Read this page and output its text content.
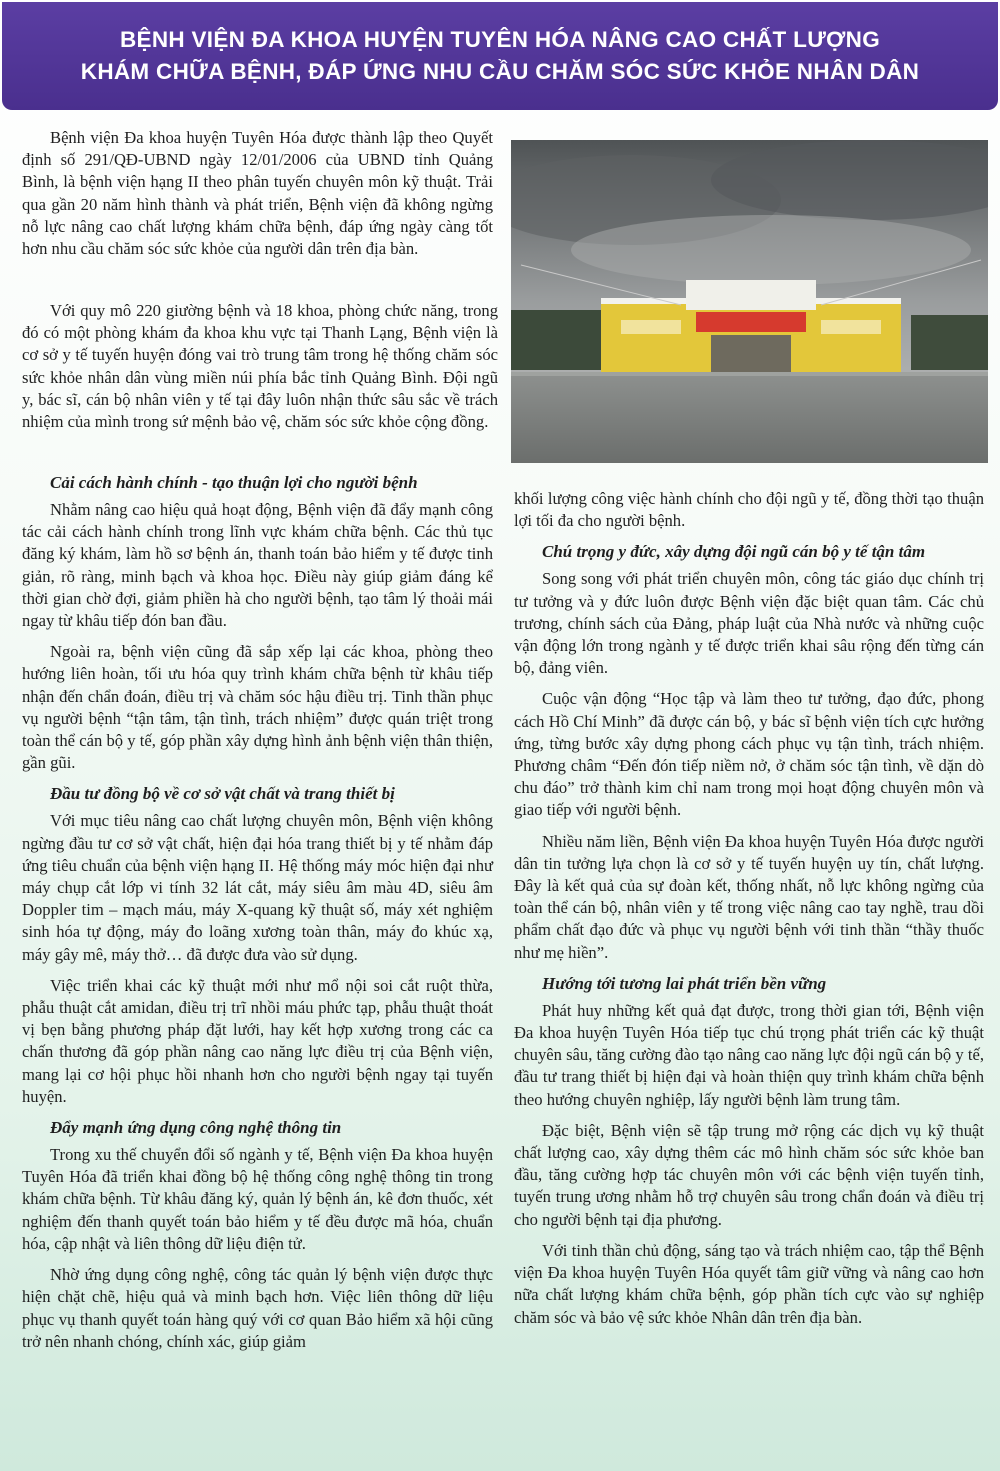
BỆNH VIỆN ĐA KHOA HUYỆN TUYÊN HÓA NÂNG CAO CHẤT LƯỢNG
KHÁM CHỮA BỆNH, ĐÁP ỨNG NHU CẦU CHĂM SÓC SỨC KHỎE NHÂN DÂN

Bệnh viện Đa khoa huyện Tuyên Hóa được thành lập theo Quyết định số 291/QĐ-UBND ngày 12/01/2006 của UBND tỉnh Quảng Bình, là bệnh viện hạng II theo phân tuyến chuyên môn kỹ thuật. Trải qua gần 20 năm hình thành và phát triển, Bệnh viện đã không ngừng nỗ lực nâng cao chất lượng khám chữa bệnh, đáp ứng ngày càng tốt hơn nhu cầu chăm sóc sức khỏe của người dân trên địa bàn.

Với quy mô 220 giường bệnh và 18 khoa, phòng chức năng, trong đó có một phòng khám đa khoa khu vực tại Thanh Lạng, Bệnh viện là cơ sở y tế tuyến huyện đóng vai trò trung tâm trong hệ thống chăm sóc sức khỏe nhân dân vùng miền núi phía bắc tỉnh Quảng Bình. Đội ngũ y, bác sĩ, cán bộ nhân viên y tế tại đây luôn nhận thức sâu sắc về trách nhiệm của mình trong sứ mệnh bảo vệ, chăm sóc sức khỏe cộng đồng.

Cải cách hành chính - tạo thuận lợi cho người bệnh

Nhằm nâng cao hiệu quả hoạt động, Bệnh viện đã đẩy mạnh công tác cải cách hành chính trong lĩnh vực khám chữa bệnh. Các thủ tục đăng ký khám, làm hồ sơ bệnh án, thanh toán bảo hiểm y tế được tinh giản, rõ ràng, minh bạch và khoa học. Điều này giúp giảm đáng kể thời gian chờ đợi, giảm phiền hà cho người bệnh, tạo tâm lý thoải mái ngay từ khâu tiếp đón ban đầu.

Ngoài ra, bệnh viện cũng đã sắp xếp lại các khoa, phòng theo hướng liên hoàn, tối ưu hóa quy trình khám chữa bệnh từ khâu tiếp nhận đến chẩn đoán, điều trị và chăm sóc hậu điều trị. Tinh thần phục vụ người bệnh “tận tâm, tận tình, trách nhiệm” được quán triệt trong toàn thể cán bộ y tế, góp phần xây dựng hình ảnh bệnh viện thân thiện, gần gũi.

Đầu tư đồng bộ về cơ sở vật chất và trang thiết bị

Với mục tiêu nâng cao chất lượng chuyên môn, Bệnh viện không ngừng đầu tư cơ sở vật chất, hiện đại hóa trang thiết bị y tế nhằm đáp ứng tiêu chuẩn của bệnh viện hạng II. Hệ thống máy móc hiện đại như máy chụp cắt lớp vi tính 32 lát cắt, máy siêu âm màu 4D, siêu âm Doppler tim – mạch máu, máy X-quang kỹ thuật số, máy xét nghiệm sinh hóa tự động, máy đo loãng xương toàn thân, máy đo khúc xạ, máy gây mê, máy thở… đã được đưa vào sử dụng.

Việc triển khai các kỹ thuật mới như mổ nội soi cắt ruột thừa, phẫu thuật cắt amidan, điều trị trĩ nhồi máu phức tạp, phẫu thuật thoát vị bẹn bằng phương pháp đặt lưới, hay kết hợp xương trong các ca chấn thương đã góp phần nâng cao năng lực điều trị của Bệnh viện, mang lại cơ hội phục hồi nhanh hơn cho người bệnh ngay tại tuyến huyện.

Đẩy mạnh ứng dụng công nghệ thông tin

Trong xu thế chuyển đổi số ngành y tế, Bệnh viện Đa khoa huyện Tuyên Hóa đã triển khai đồng bộ hệ thống công nghệ thông tin trong khám chữa bệnh. Từ khâu đăng ký, quản lý bệnh án, kê đơn thuốc, xét nghiệm đến thanh quyết toán bảo hiểm y tế đều được mã hóa, chuẩn hóa, cập nhật và liên thông dữ liệu điện tử.

Nhờ ứng dụng công nghệ, công tác quản lý bệnh viện được thực hiện chặt chẽ, hiệu quả và minh bạch hơn. Việc liên thông dữ liệu phục vụ thanh quyết toán hàng quý với cơ quan Bảo hiểm xã hội cũng trở nên nhanh chóng, chính xác, giúp giảm

khối lượng công việc hành chính cho đội ngũ y tế, đồng thời tạo thuận lợi tối đa cho người bệnh.

Chú trọng y đức, xây dựng đội ngũ cán bộ y tế tận tâm

Song song với phát triển chuyên môn, công tác giáo dục chính trị tư tưởng và y đức luôn được Bệnh viện đặc biệt quan tâm. Các chủ trương, chính sách của Đảng, pháp luật của Nhà nước và những cuộc vận động lớn trong ngành y tế được triển khai sâu rộng đến từng cán bộ, đảng viên.

Cuộc vận động “Học tập và làm theo tư tưởng, đạo đức, phong cách Hồ Chí Minh” đã được cán bộ, y bác sĩ bệnh viện tích cực hưởng ứng, từng bước xây dựng phong cách phục vụ tận tình, trách nhiệm. Phương châm “Đến đón tiếp niềm nở, ở chăm sóc tận tình, về dặn dò chu đáo” trở thành kim chỉ nam trong mọi hoạt động chuyên môn và giao tiếp với người bệnh.

Nhiều năm liền, Bệnh viện Đa khoa huyện Tuyên Hóa được người dân tin tưởng lựa chọn là cơ sở y tế tuyến huyện uy tín, chất lượng. Đây là kết quả của sự đoàn kết, thống nhất, nỗ lực không ngừng của toàn thể cán bộ, nhân viên y tế trong việc nâng cao tay nghề, trau dồi phẩm chất đạo đức và phục vụ người bệnh với tinh thần “thầy thuốc như mẹ hiền”.

Hướng tới tương lai phát triển bền vững

Phát huy những kết quả đạt được, trong thời gian tới, Bệnh viện Đa khoa huyện Tuyên Hóa tiếp tục chú trọng phát triển các kỹ thuật chuyên sâu, tăng cường đào tạo nâng cao năng lực đội ngũ cán bộ y tế, đầu tư trang thiết bị hiện đại và hoàn thiện quy trình khám chữa bệnh theo hướng chuyên nghiệp, lấy người bệnh làm trung tâm.

Đặc biệt, Bệnh viện sẽ tập trung mở rộng các dịch vụ kỹ thuật chất lượng cao, xây dựng thêm các mô hình chăm sóc sức khỏe ban đầu, tăng cường hợp tác chuyên môn với các bệnh viện tuyến tỉnh, tuyến trung ương nhằm hỗ trợ chuyên sâu trong chẩn đoán và điều trị cho người bệnh tại địa phương.

Với tinh thần chủ động, sáng tạo và trách nhiệm cao, tập thể Bệnh viện Đa khoa huyện Tuyên Hóa quyết tâm giữ vững và nâng cao hơn nữa chất lượng khám chữa bệnh, góp phần tích cực vào sự nghiệp chăm sóc và bảo vệ sức khỏe Nhân dân trên địa bàn.
